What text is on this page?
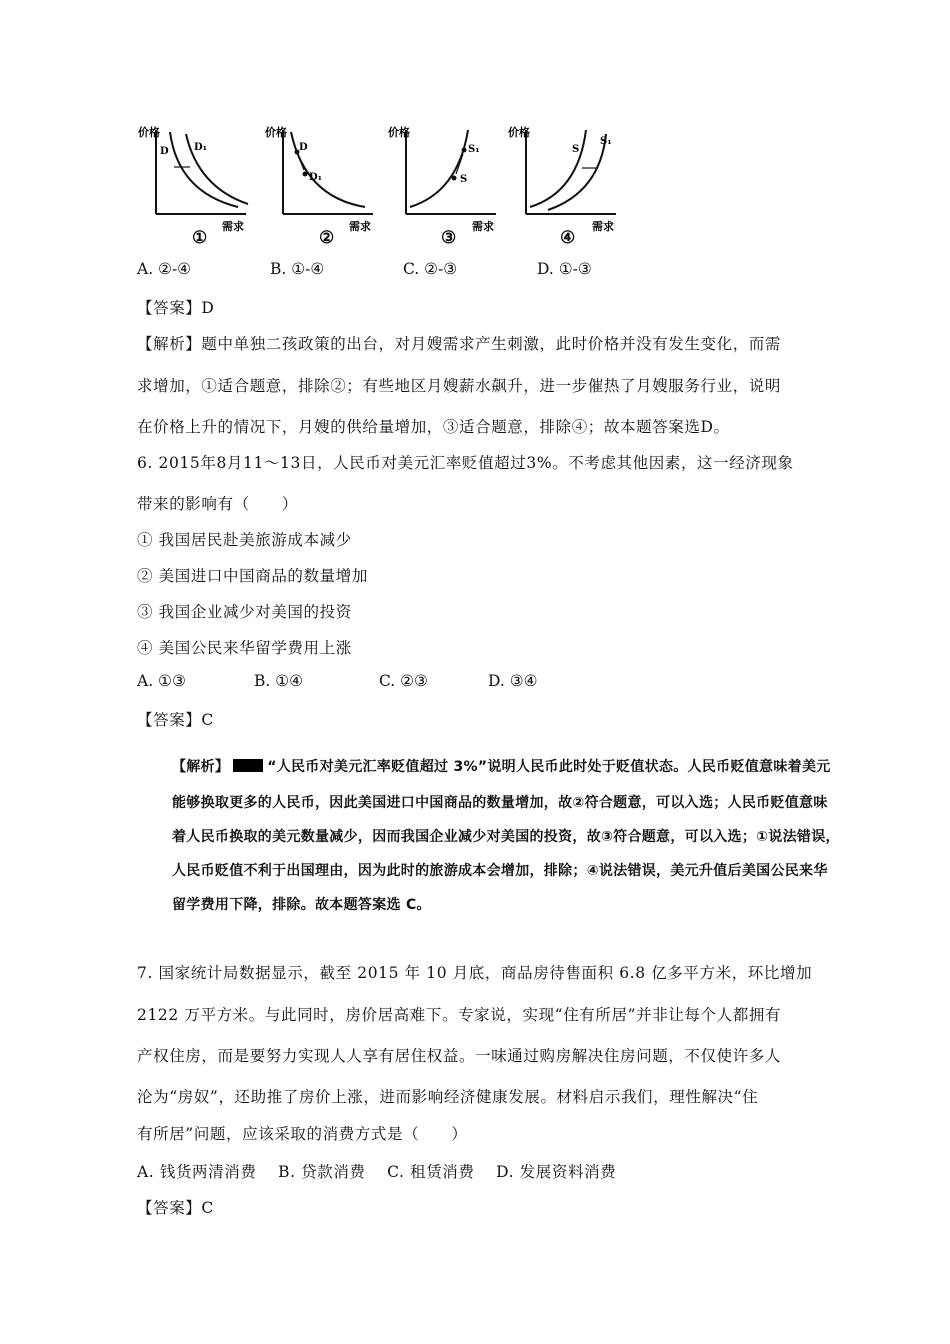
价格
D	D₁
需求
价格
D
D₁
需求
价格
S₁
S
需求
价格
S
S₁
需求
①	②	③	④
A. ②-④	B. ①-④	C. ②-③	D. ①-③
【答案】D
【解析】题中单独二孩政策的出台，对月嫂需求产生刺激，此时价格并没有发生变化，而需
求增加，①适合题意，排除②；有些地区月嫂薪水飙升，进一步催热了月嫂服务行业，说明
在价格上升的情况下，月嫂的供给量增加，③适合题意，排除④；故本题答案选D。
6. 2015年8月11～13日，人民币对美元汇率贬值超过3%。不考虑其他因素，这一经济现象
带来的影响有（　　）
① 我国居民赴美旅游成本减少
② 美国进口中国商品的数量增加
③ 我国企业减少对美国的投资
④ 美国公民来华留学费用上涨
A. ①③	B. ①④	C. ②③	D. ③④
【答案】C
【解析】	“人民币对美元汇率贬值超过 3%”说明人民币此时处于贬值状态。人民币贬值意味着美元
能够换取更多的人民币，因此美国进口中国商品的数量增加，故②符合题意，可以入选；人民币贬值意味
着人民币换取的美元数量减少，因而我国企业减少对美国的投资，故③符合题意，可以入选；①说法错误，
人民币贬值不利于出国理由，因为此时的旅游成本会增加，排除；④说法错误，美元升值后美国公民来华
留学费用下降，排除。故本题答案选 C。
7. 国家统计局数据显示，截至 2015 年 10 月底，商品房待售面积 6.8 亿多平方米，环比增加
2122 万平方米。与此同时，房价居高难下。专家说，实现“住有所居”并非让每个人都拥有
产权住房，而是要努力实现人人享有居住权益。一味通过购房解决住房问题，不仅使许多人
沦为“房奴”，还助推了房价上涨，进而影响经济健康发展。材料启示我们，理性解决“住
有所居”问题，应该采取的消费方式是（　　）
A. 钱货两清消费　 B. 贷款消费　 C. 租赁消费　 D. 发展资料消费
【答案】C
